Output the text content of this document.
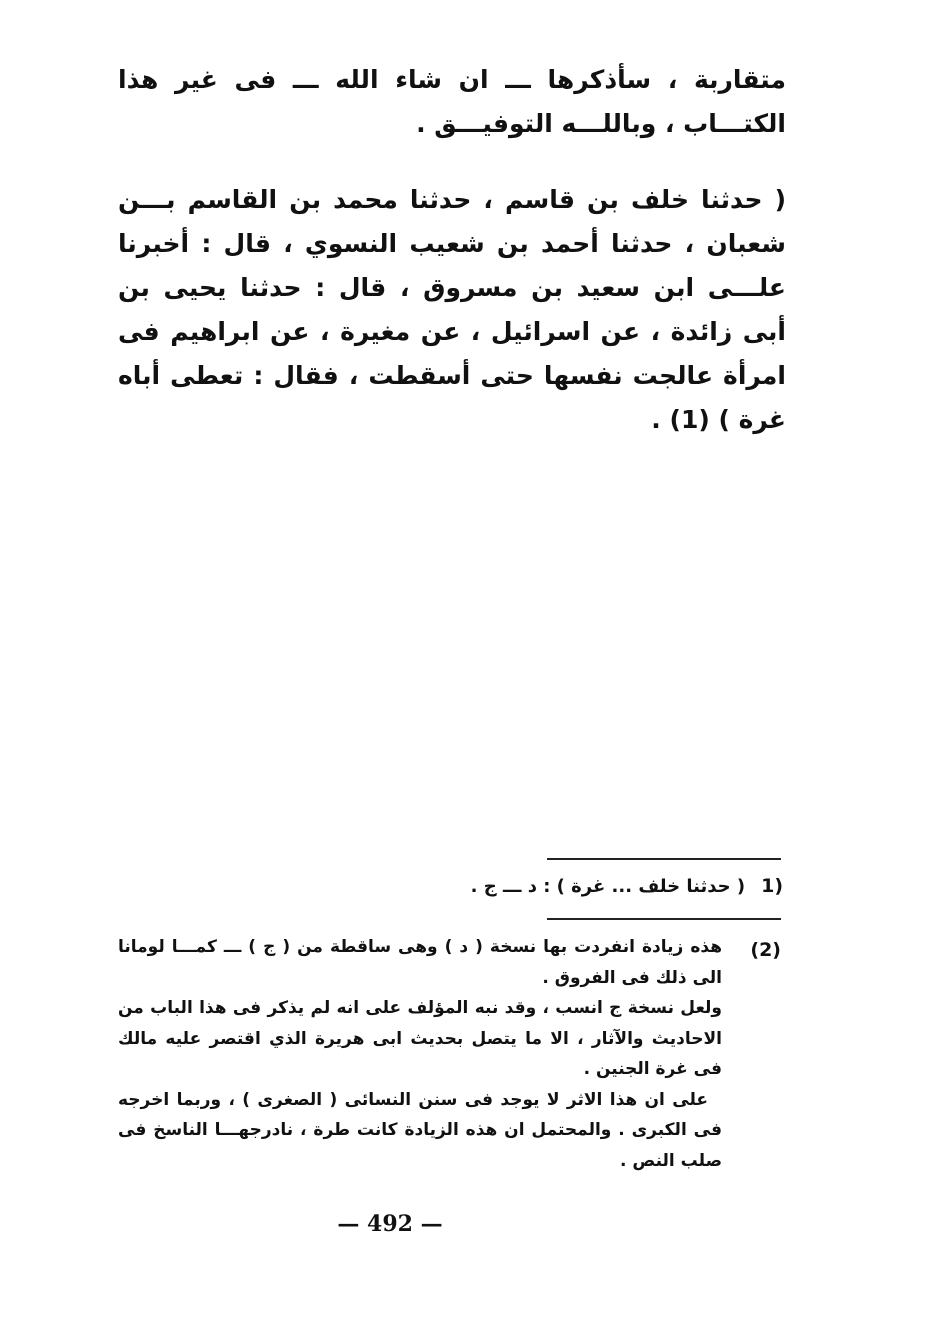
متقاربة ، سأذكرها ـــ ان شاء الله ـــ فى غير هذا الكتـــاب ، وباللـــه التوفيـــق .

( حدثنا خلف بن قاسم ، حدثنا محمد بن القاسم بـــن شعبان ، حدثنا أحمد بن شعيب النسوي ، قال : أخبرنا علـــى ابن سعيد بن مسروق ، قال : حدثنا يحيى بن أبى زائدة ، عن اسرائيل ، عن مغيرة ، عن ابراهيم فى امرأة عالجت نفسها حتى أسقطت ، فقال : تعطى أباه غرة ) (1) .

(1( حدثنا خلف ... غرة ) : د ـــ ج .
(2)

هذه زيادة انفردت بها نسخة ( د ) وهى ساقطة من ( ج ) ـــ كمـــا لومانا الى ذلك فى الفروق .

ولعل نسخة ج انسب ، وقد نبه المؤلف على انه لم يذكر فى هذا الباب من الاحاديث والآثار ، الا ما يتصل بحديث ابى هريرة الذي اقتصر عليه مالك فى غرة الجنين .

على ان هذا الاثر لا يوجد فى سنن النسائى ( الصغرى ) ، وربما اخرجه فى الكبرى . والمحتمل ان هذه الزيادة كانت طرة ، نادرجهـــا الناسخ فى صلب النص .

— 492 —
